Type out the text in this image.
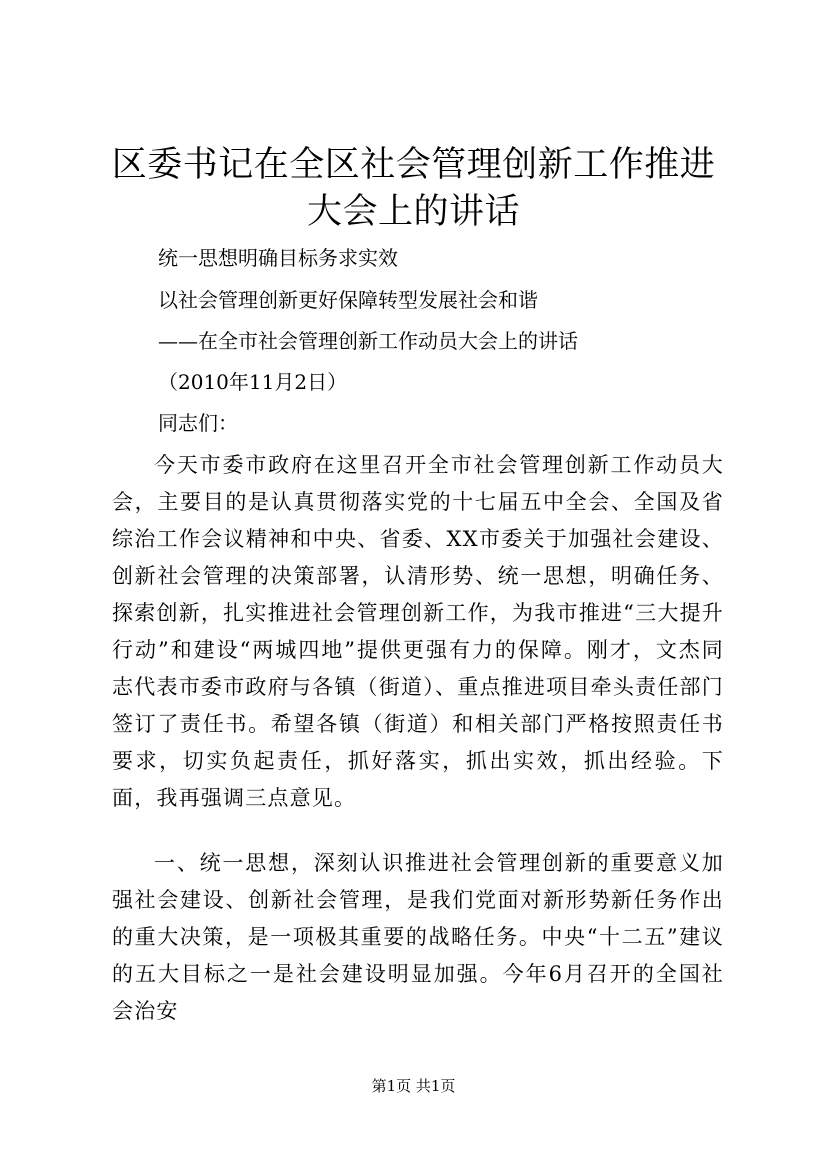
区委书记在全区社会管理创新工作推进大会上的讲话
统一思想明确目标务求实效
以社会管理创新更好保障转型发展社会和谐
——在全市社会管理创新工作动员大会上的讲话
（2010年11月2日）
同志们：

今天市委市政府在这里召开全市社会管理创新工作动员大会，主要目的是认真贯彻落实党的十七届五中全会、全国及省综治工作会议精神和中央、省委、XX市委关于加强社会建设、创新社会管理的决策部署，认清形势、统一思想，明确任务、探索创新，扎实推进社会管理创新工作，为我市推进“三大提升行动”和建设“两城四地”提供更强有力的保障。刚才，文杰同志代表市委市政府与各镇（街道）、重点推进项目牵头责任部门签订了责任书。希望各镇（街道）和相关部门严格按照责任书要求，切实负起责任，抓好落实，抓出实效，抓出经验。下面，我再强调三点意见。

一、统一思想，深刻认识推进社会管理创新的重要意义加强社会建设、创新社会管理，是我们党面对新形势新任务作出的重大决策，是一项极其重要的战略任务。中央“十二五”建议的五大目标之一是社会建设明显加强。今年6月召开的全国社会治安

第1页 共1页
